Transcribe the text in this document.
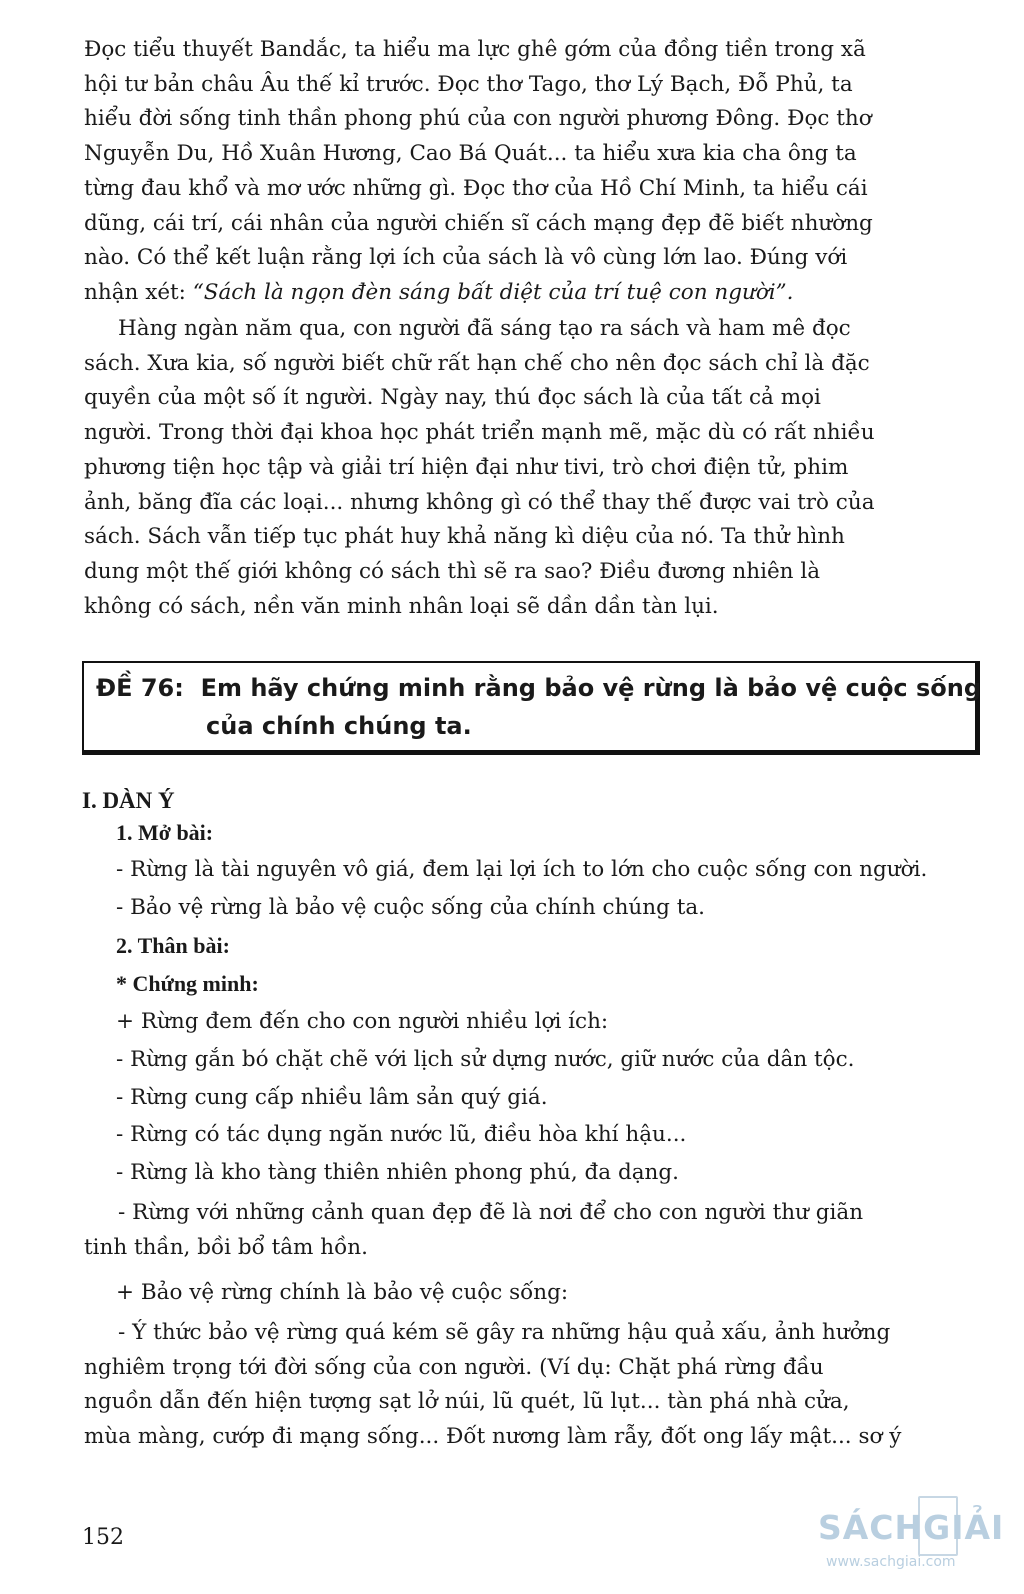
Đọc tiểu thuyết Bandắc, ta hiểu ma lực ghê gớm của đồng tiền trong xã
hội tư bản châu Âu thế kỉ trước. Đọc thơ Tago, thơ Lý Bạch, Đỗ Phủ, ta
hiểu đời sống tinh thần phong phú của con người phương Đông. Đọc thơ
Nguyễn Du, Hồ Xuân Hương, Cao Bá Quát... ta hiểu xưa kia cha ông ta
từng đau khổ và mơ ước những gì. Đọc thơ của Hồ Chí Minh, ta hiểu cái
dũng, cái trí, cái nhân của người chiến sĩ cách mạng đẹp đẽ biết nhường
nào. Có thể kết luận rằng lợi ích của sách là vô cùng lớn lao. Đúng với
nhận xét: “Sách là ngọn đèn sáng bất diệt của trí tuệ con người”.
Hàng ngàn năm qua, con người đã sáng tạo ra sách và ham mê đọc
sách. Xưa kia, số người biết chữ rất hạn chế cho nên đọc sách chỉ là đặc
quyền của một số ít người. Ngày nay, thú đọc sách là của tất cả mọi
người. Trong thời đại khoa học phát triển mạnh mẽ, mặc dù có rất nhiều
phương tiện học tập và giải trí hiện đại như tivi, trò chơi điện tử, phim
ảnh, băng đĩa các loại... nhưng không gì có thể thay thế được vai trò của
sách. Sách vẫn tiếp tục phát huy khả năng kì diệu của nó. Ta thử hình
dung một thế giới không có sách thì sẽ ra sao? Điều đương nhiên là
không có sách, nền văn minh nhân loại sẽ dần dần tàn lụi.
ĐỀ 76: Em hãy chứng minh rằng bảo vệ rừng là bảo vệ cuộc sống
của chính chúng ta.
I. DÀN Ý
1. Mở bài:

- Rừng là tài nguyên vô giá, đem lại lợi ích to lớn cho cuộc sống con người.

- Bảo vệ rừng là bảo vệ cuộc sống của chính chúng ta.

2. Thân bài:
* Chứng minh:

+ Rừng đem đến cho con người nhiều lợi ích:

- Rừng gắn bó chặt chẽ với lịch sử dựng nước, giữ nước của dân tộc.

- Rừng cung cấp nhiều lâm sản quý giá.

- Rừng có tác dụng ngăn nước lũ, điều hòa khí hậu...

- Rừng là kho tàng thiên nhiên phong phú, đa dạng.

- Rừng với những cảnh quan đẹp đẽ là nơi để cho con người thư giãn
tinh thần, bồi bổ tâm hồn.

+ Bảo vệ rừng chính là bảo vệ cuộc sống:

- Ý thức bảo vệ rừng quá kém sẽ gây ra những hậu quả xấu, ảnh hưởng
nghiêm trọng tới đời sống của con người. (Ví dụ: Chặt phá rừng đầu
nguồn dẫn đến hiện tượng sạt lở núi, lũ quét, lũ lụt... tàn phá nhà cửa,
mùa màng, cướp đi mạng sống... Đốt nương làm rẫy, đốt ong lấy mật... sơ ý
152	SÁCHGIẢI
www.sachgiai.com
